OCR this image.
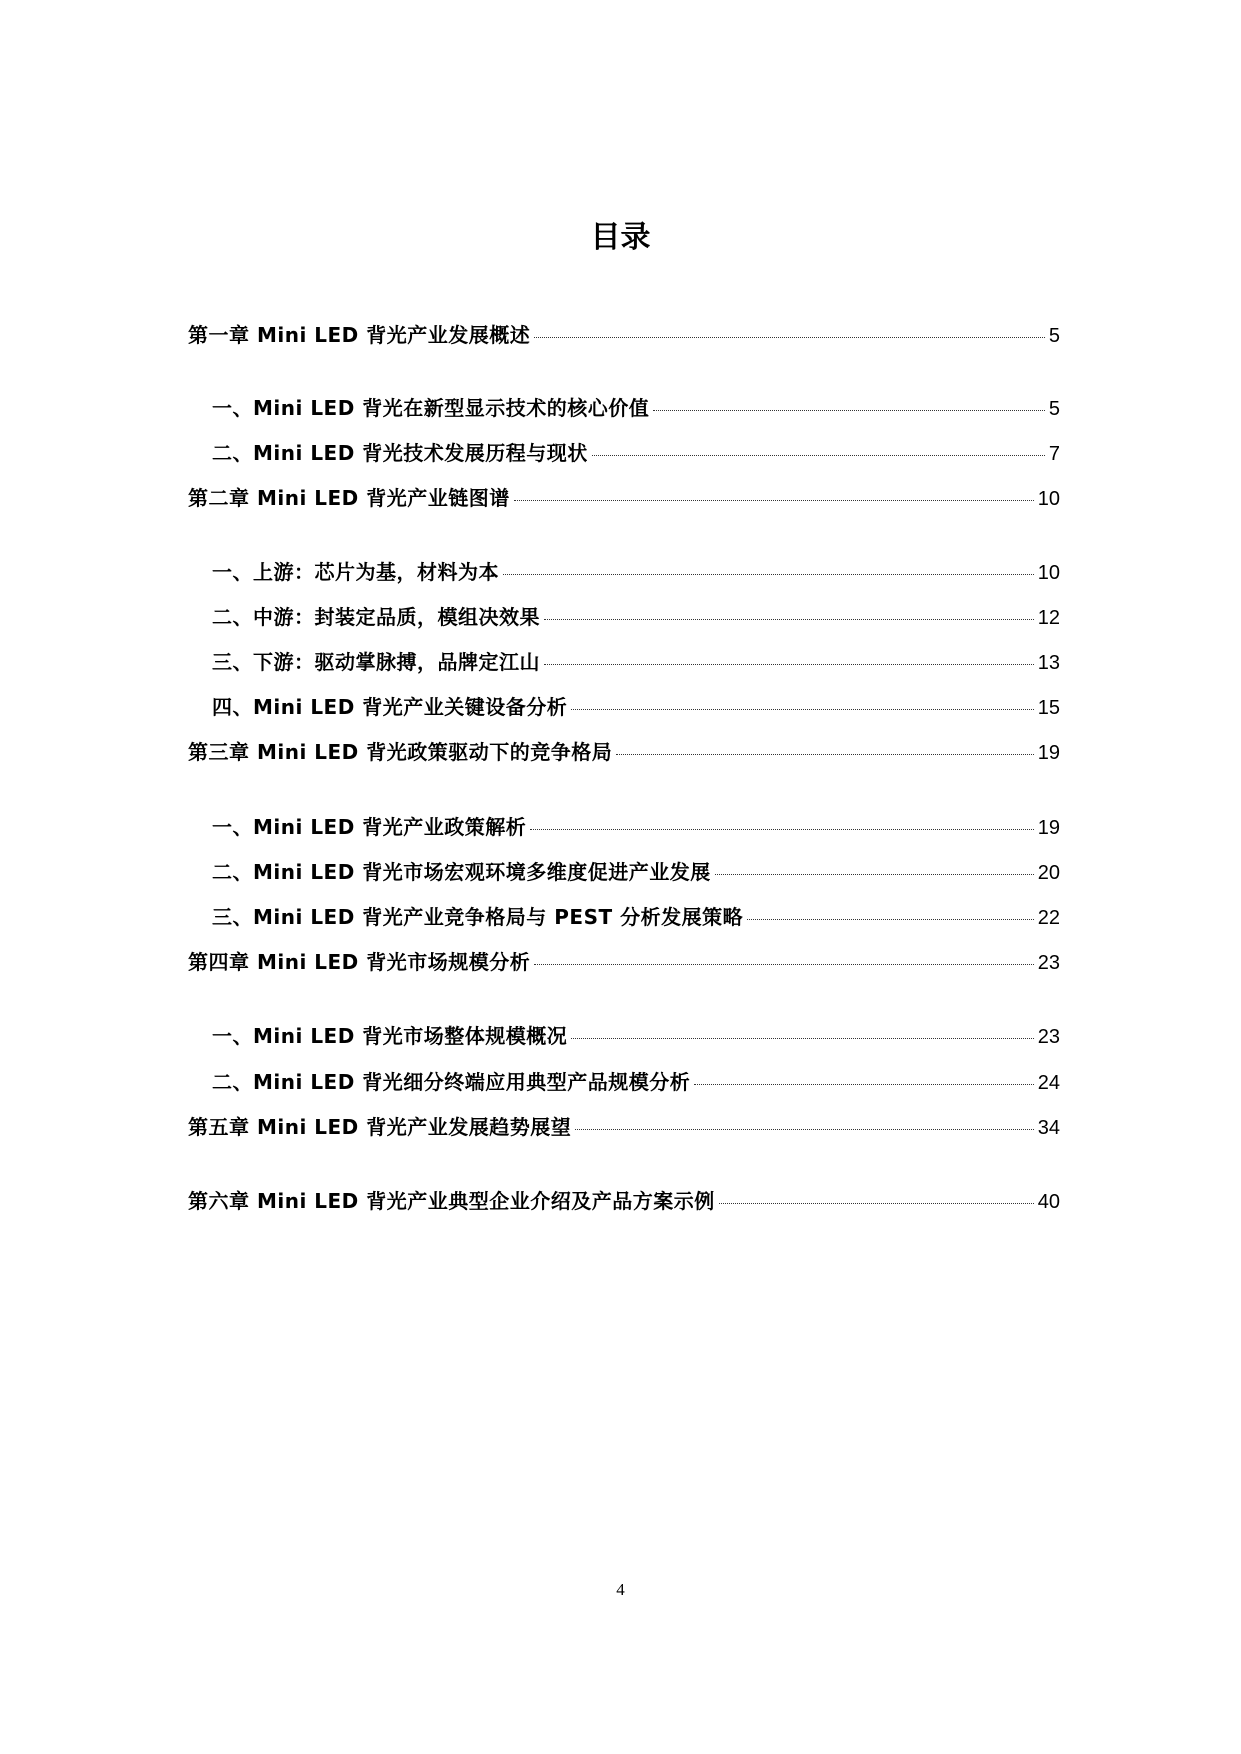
目录
第一章 Mini LED 背光产业发展概述	5
一、Mini LED 背光在新型显示技术的核心价值	5
二、Mini LED 背光技术发展历程与现状	7
第二章 Mini LED 背光产业链图谱	10
一、上游：芯片为基，材料为本	10
二、中游：封装定品质，模组决效果	12
三、下游：驱动掌脉搏，品牌定江山	13
四、Mini LED 背光产业关键设备分析	15
第三章 Mini LED 背光政策驱动下的竞争格局	19
一、Mini LED 背光产业政策解析	19
二、Mini LED 背光市场宏观环境多维度促进产业发展	20
三、Mini LED 背光产业竞争格局与 PEST 分析发展策略	22
第四章 Mini LED 背光市场规模分析	23
一、Mini LED 背光市场整体规模概况	23
二、Mini LED 背光细分终端应用典型产品规模分析	24
第五章 Mini LED 背光产业发展趋势展望	34
第六章 Mini LED 背光产业典型企业介绍及产品方案示例	40
4
